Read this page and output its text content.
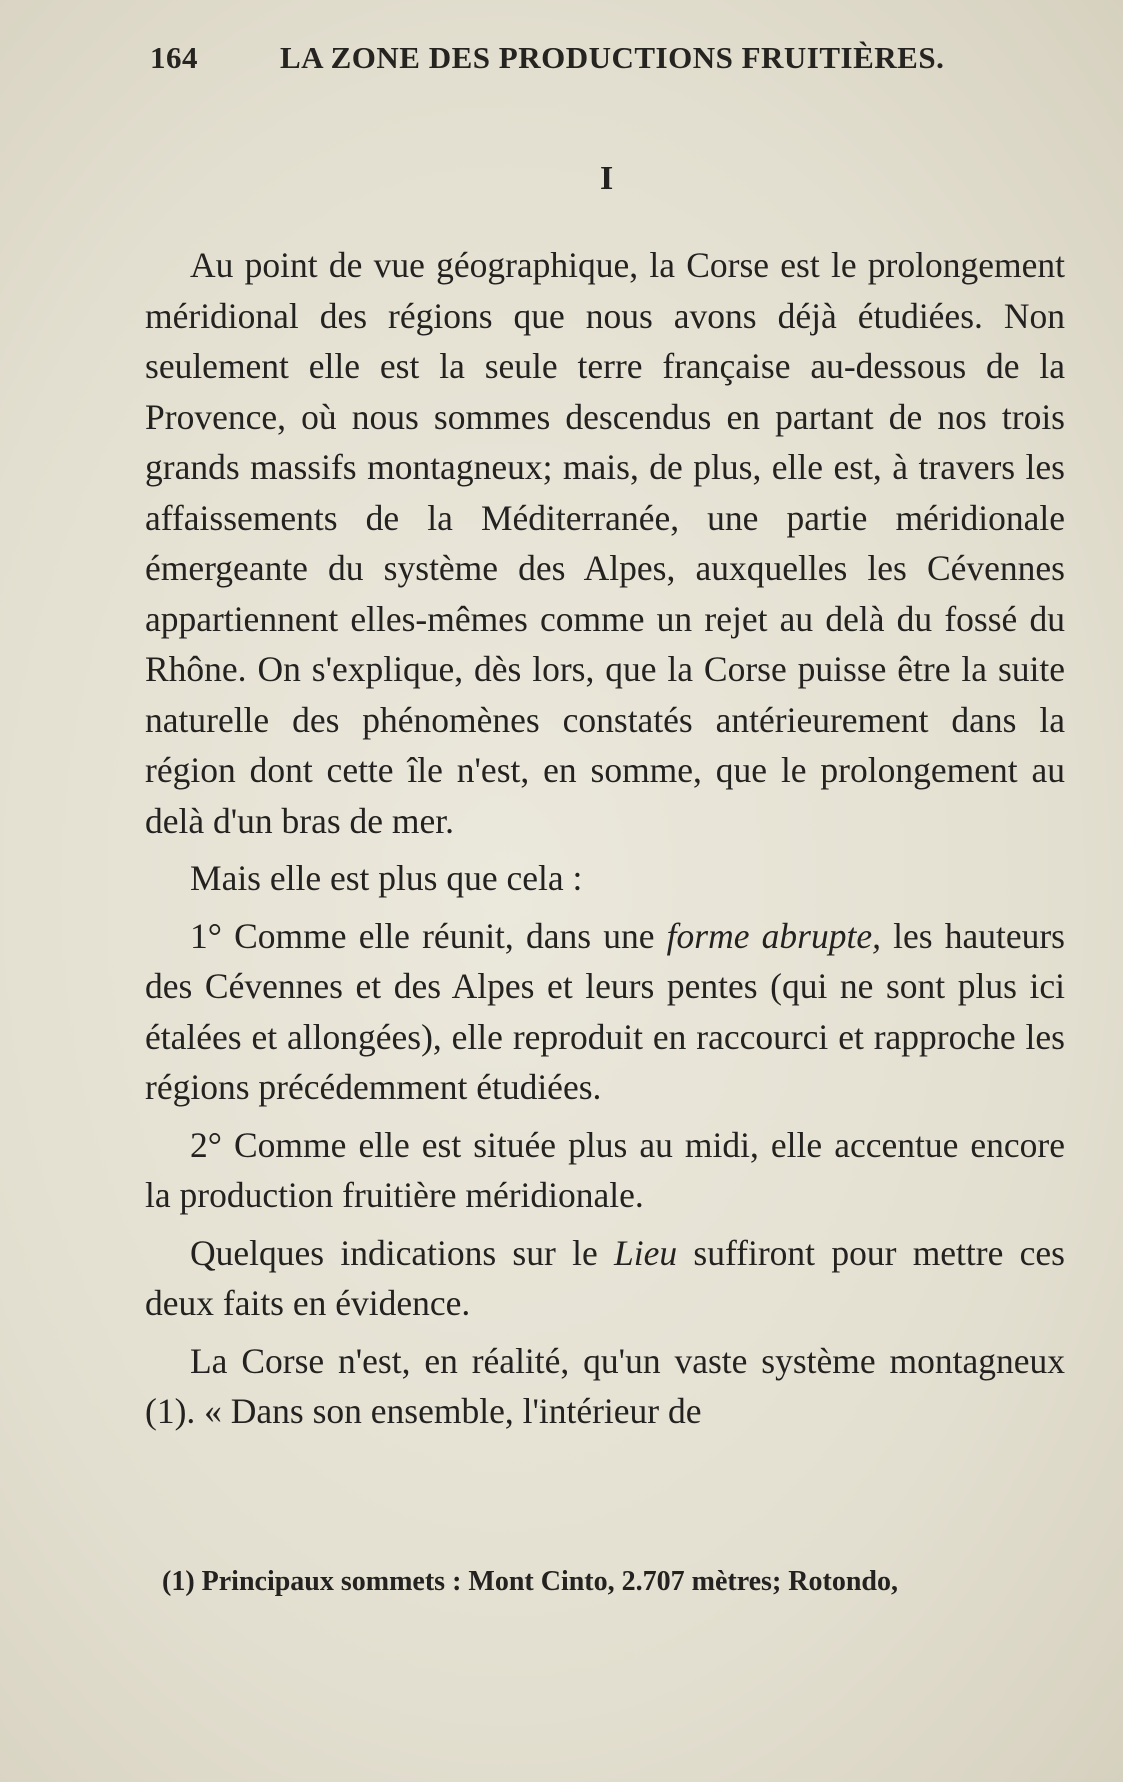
164	LA ZONE DES PRODUCTIONS FRUITIÈRES.
I

Au point de vue géographique, la Corse est le prolongement méridional des régions que nous avons déjà étudiées. Non seulement elle est la seule terre française au-dessous de la Provence, où nous sommes descendus en partant de nos trois grands massifs montagneux; mais, de plus, elle est, à travers les affaissements de la Méditerranée, une partie méridionale émergeante du système des Alpes, auxquelles les Cévennes appartiennent elles-mêmes comme un rejet au delà du fossé du Rhône. On s'explique, dès lors, que la Corse puisse être la suite naturelle des phénomènes constatés antérieurement dans la région dont cette île n'est, en somme, que le prolongement au delà d'un bras de mer.

Mais elle est plus que cela :

1° Comme elle réunit, dans une forme abrupte, les hauteurs des Cévennes et des Alpes et leurs pentes (qui ne sont plus ici étalées et allongées), elle reproduit en raccourci et rapproche les régions précédemment étudiées.

2° Comme elle est située plus au midi, elle accentue encore la production fruitière méridionale.

Quelques indications sur le Lieu suffiront pour mettre ces deux faits en évidence.

La Corse n'est, en réalité, qu'un vaste système montagneux (1). « Dans son ensemble, l'intérieur de

(1) Principaux sommets : Mont Cinto, 2.707 mètres; Rotondo,
